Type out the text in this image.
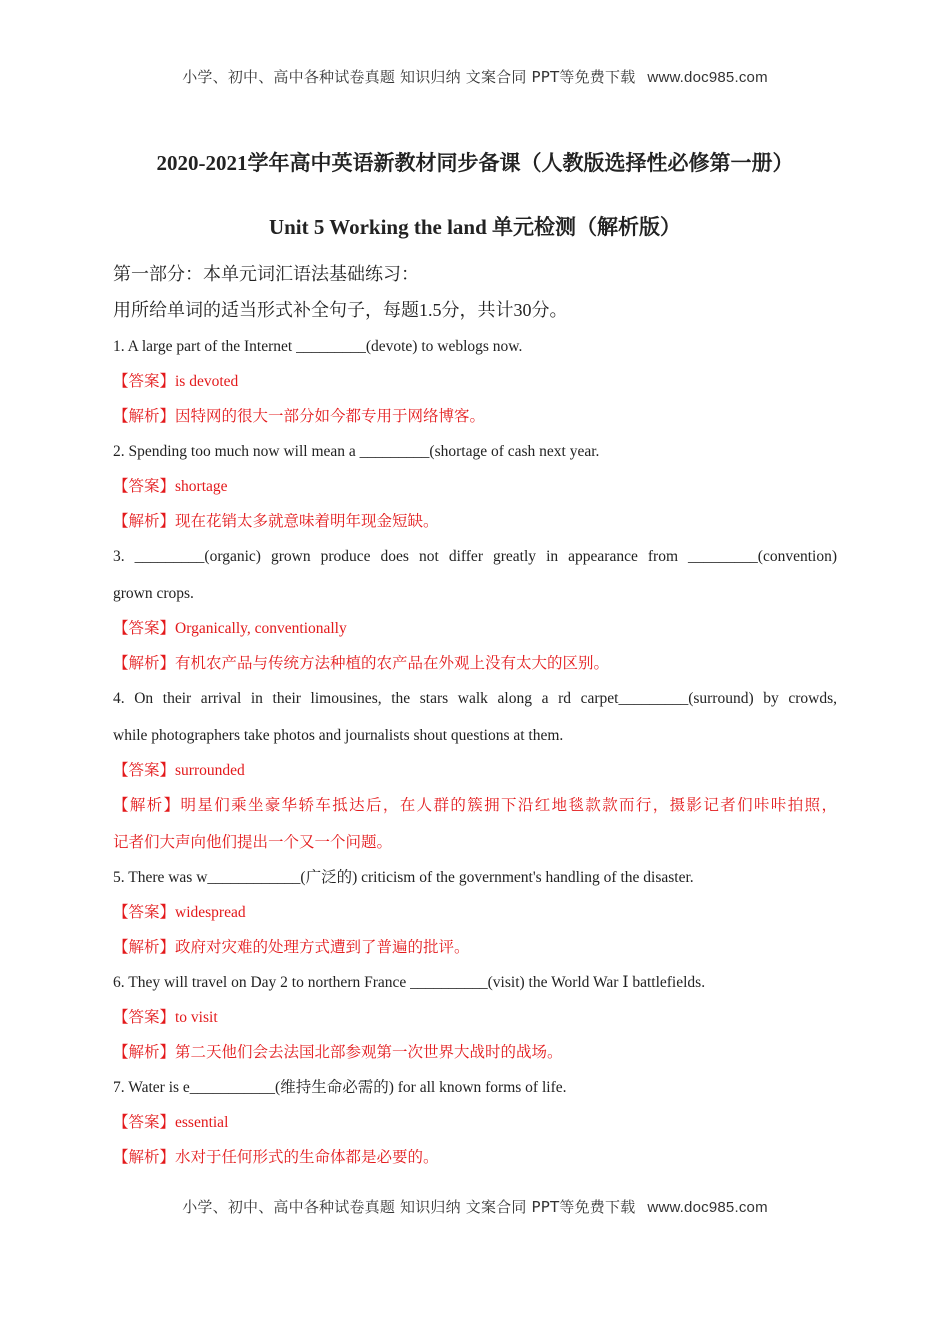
小学、初中、高中各种试卷真题 知识归纳 文案合同 PPT等免费下载 www.doc985.com
2020-2021学年高中英语新教材同步备课（人教版选择性必修第一册）
Unit 5 Working the land 单元检测（解析版）
第一部分：本单元词汇语法基础练习：
用所给单词的适当形式补全句子，每题1.5分，共计30分。
1. A large part of the Internet _________(devote) to weblogs now.
【答案】is devoted
【解析】因特网的很大一部分如今都专用于网络博客。
2. Spending too much now will mean a _________(shortage of cash next year.
【答案】shortage
【解析】现在花销太多就意味着明年现金短缺。
3. _________(organic) grown produce does not differ greatly in appearance from _________(convention)
grown crops.
【答案】Organically, conventionally
【解析】有机农产品与传统方法种植的农产品在外观上没有太大的区别。
4. On their arrival in their limousines, the stars walk along a rd carpet_________(surround) by crowds,
while photographers take photos and journalists shout questions at them.
【答案】surrounded
【解析】明星们乘坐豪华轿车抵达后，在人群的簇拥下沿红地毯款款而行，摄影记者们咔咔拍照，
记者们大声向他们提出一个又一个问题。
5. There was w____________(广泛的) criticism of the government's handling of the disaster.
【答案】widespread
【解析】政府对灾难的处理方式遭到了普遍的批评。
6. They will travel on Day 2 to northern France __________(visit) the World War Ⅰ battlefields.
【答案】to visit
【解析】第二天他们会去法国北部参观第一次世界大战时的战场。
7. Water is e___________(维持生命必需的) for all known forms of life.
【答案】essential
【解析】水对于任何形式的生命体都是必要的。
小学、初中、高中各种试卷真题 知识归纳 文案合同 PPT等免费下载 www.doc985.com
